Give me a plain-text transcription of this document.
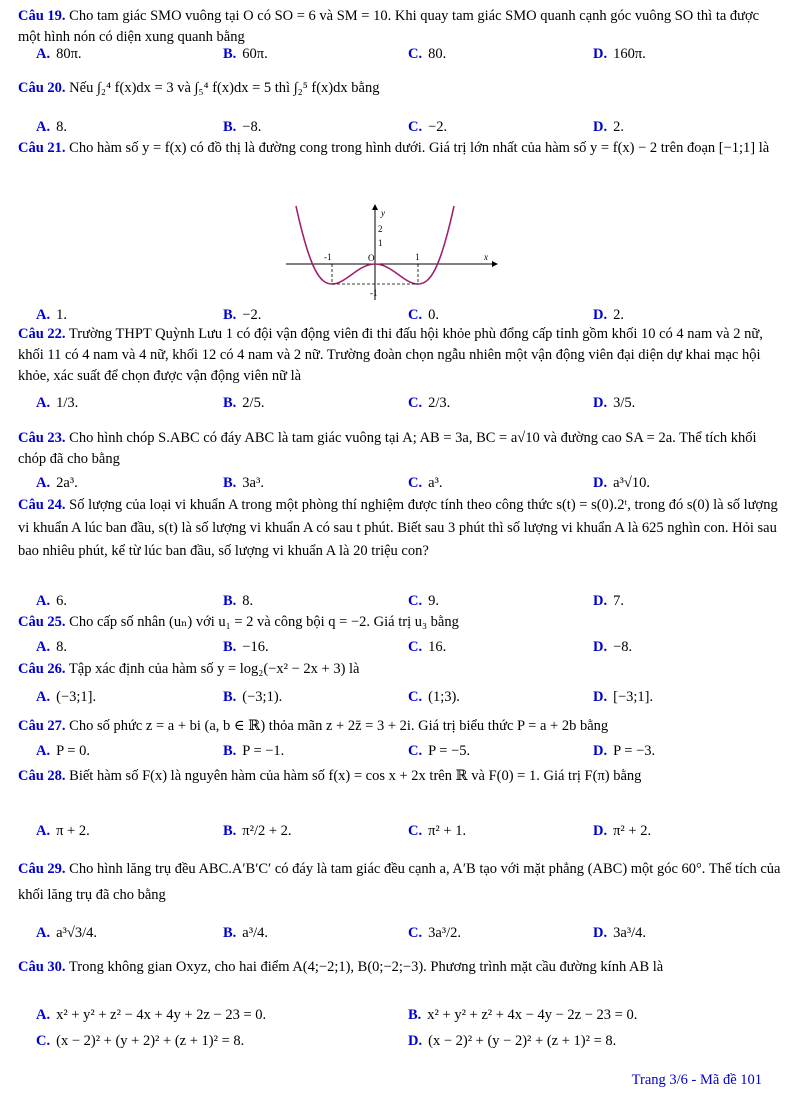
Câu 19. Cho tam giác SMO vuông tại O có SO = 6 và SM = 10. Khi quay tam giác SMO quanh cạnh góc vuông SO thì ta được một hình nón có diện xung quanh bằng
A. 80π.	B. 60π.	C. 80.	D. 160π.
Câu 20. Nếu ∫₂⁴ f(x)dx = 3 và ∫₅⁴ f(x)dx = 5 thì ∫₂⁵ f(x)dx bằng
A. 8.	B. −8.	C. −2.	D. 2.
Câu 21. Cho hàm số y = f(x) có đồ thị là đường cong trong hình dưới. Giá trị lớn nhất của hàm số y = f(x) − 2 trên đoạn [−1;1] là
y
x
O
-1	1
1
2
-1
A. 1.	B. −2.	C. 0.	D. 2.
Câu 22. Trường THPT Quỳnh Lưu 1 có đội vận động viên đi thi đấu hội khỏe phù đổng cấp tỉnh gồm khối 10 có 4 nam và 2 nữ, khối 11 có 4 nam và 4 nữ, khối 12 có 4 nam và 2 nữ. Trường đoàn chọn ngẫu nhiên một vận động viên đại diện dự khai mạc hội khỏe, xác suất để chọn được vận động viên nữ là
A. 1/3.	B. 2/5.	C. 2/3.	D. 3/5.
Câu 23. Cho hình chóp S.ABC có đáy ABC là tam giác vuông tại A; AB = 3a, BC = a√10 và đường cao SA = 2a. Thể tích khối chóp đã cho bằng
A. 2a³.	B. 3a³.	C. a³.	D. a³√10.
Câu 24. Số lượng của loại vi khuẩn A trong một phòng thí nghiệm được tính theo công thức s(t) = s(0).2ᵗ, trong đó s(0) là số lượng vi khuẩn A lúc ban đầu, s(t) là số lượng vi khuẩn A có sau t phút. Biết sau 3 phút thì số lượng vi khuẩn A là 625 nghìn con. Hỏi sau bao nhiêu phút, kể từ lúc ban đầu, số lượng vi khuẩn A là 20 triệu con?
A. 6.	B. 8.	C. 9.	D. 7.
Câu 25. Cho cấp số nhân (uₙ) với u₁ = 2 và công bội q = −2. Giá trị u₃ bằng
A. 8.	B. −16.	C. 16.	D. −8.
Câu 26. Tập xác định của hàm số y = log₂(−x² − 2x + 3) là
A. (−3;1].	B. (−3;1).	C. (1;3).	D. [−3;1].
Câu 27. Cho số phức z = a + bi (a, b ∈ ℝ) thỏa mãn z + 2z̄ = 3 + 2i. Giá trị biểu thức P = a + 2b bằng
A. P = 0.	B. P = −1.	C. P = −5.	D. P = −3.
Câu 28. Biết hàm số F(x) là nguyên hàm của hàm số f(x) = cos x + 2x trên ℝ và F(0) = 1. Giá trị F(π) bằng
A. π + 2.	B. π²/2 + 2.	C. π² + 1.	D. π² + 2.
Câu 29. Cho hình lăng trụ đều ABC.A′B′C′ có đáy là tam giác đều cạnh a, A′B tạo với mặt phẳng (ABC) một góc 60°. Thể tích của khối lăng trụ đã cho bằng
A. a³√3/4.	B. a³/4.	C. 3a³/2.	D. 3a³/4.
Câu 30. Trong không gian Oxyz, cho hai điểm A(4;−2;1), B(0;−2;−3). Phương trình mặt cầu đường kính AB là
A. x² + y² + z² − 4x + 4y + 2z − 23 = 0.	B. x² + y² + z² + 4x − 4y − 2z − 23 = 0.
C. (x − 2)² + (y + 2)² + (z + 1)² = 8.	D. (x − 2)² + (y − 2)² + (z + 1)² = 8.
Trang 3/6 - Mã đề 101
